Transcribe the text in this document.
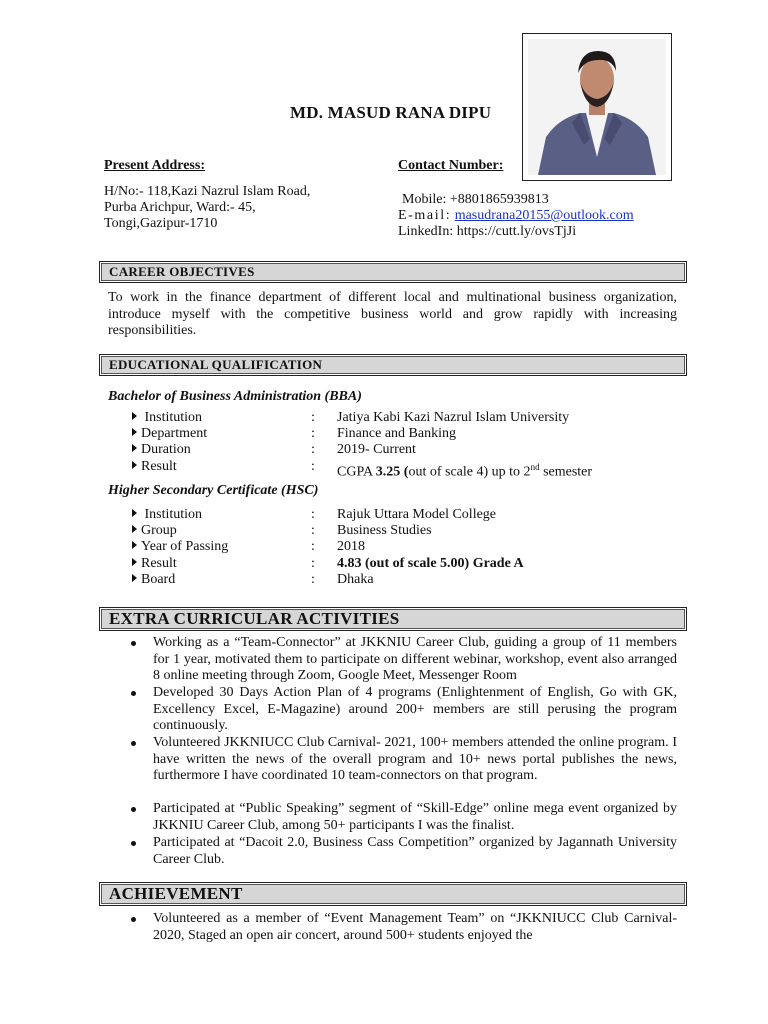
MD. MASUD RANA DIPU
Present Address:
H/No:- 118,Kazi Nazrul Islam Road,
Purba Arichpur, Ward:- 45,
Tongi,Gazipur-1710
Contact Number:
Mobile: +8801865939813
E-mail: masudrana20155@outlook.com
LinkedIn: https://cutt.ly/ovsTjJi
CAREER OBJECTIVES
To work in the finance department of different local and multinational business organization, introduce myself with the competitive business world and grow rapidly with increasing responsibilities.
EDUCATIONAL QUALIFICATION
Bachelor of Business Administration (BBA)
Institution	: Jatiya Kabi Kazi Nazrul Islam University
Department	: Finance and Banking
Duration	: 2019- Current
Result	: CGPA 3.25 (out of scale 4) up to 2nd semester
Higher Secondary Certificate (HSC)
Institution	: Rajuk Uttara Model College
Group	: Business Studies
Year of Passing	: 2018
Result	: 4.83 (out of scale 5.00) Grade A
Board	: Dhaka
EXTRA CURRICULAR ACTIVITIES
Working as a “Team-Connector” at JKKNIU Career Club, guiding a group of 11 members for 1 year, motivated them to participate on different webinar, workshop, event also arranged 8 online meeting through Zoom, Google Meet, Messenger Room
Developed 30 Days Action Plan of 4 programs (Enlightenment of English, Go with GK, Excellency Excel, E-Magazine) around 200+ members are still perusing the program continuously.
Volunteered JKKNIUCC Club Carnival- 2021, 100+ members attended the online program. I have written the news of the overall program and 10+ news portal publishes the news, furthermore I have coordinated 10 team-connectors on that program.
Participated at “Public Speaking” segment of “Skill-Edge” online mega event organized by JKKNIU Career Club, among 50+ participants I was the finalist.
Participated at “Dacoit 2.0, Business Cass Competition” organized by Jagannath University Career Club.
ACHIEVEMENT
Volunteered as a member of “Event Management Team” on “JKKNIUCC Club Carnival-2020, Staged an open air concert, around 500+ students enjoyed the
